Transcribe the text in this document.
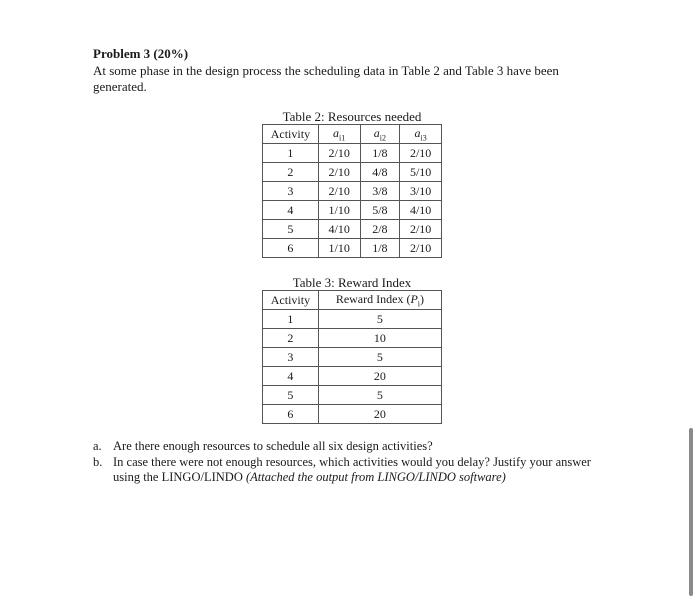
Problem 3 (20%)
At some phase in the design process the scheduling data in Table 2 and Table 3 have been generated.
Table 2: Resources needed
Activity	$a_{i1}$	$a_{i2}$	$a_{i3}$
1	2/10	1/8	2/10
2	2/10	4/8	5/10
3	2/10	3/8	3/10
4	1/10	5/8	4/10
5	4/10	2/8	2/10
6	1/10	1/8	2/10
Table 3: Reward Index
Activity	Reward Index $(P_i)$
1	5
2	10
3	5
4	20
5	5
6	20
a. Are there enough resources to schedule all six design activities?
b. In case there were not enough resources, which activities would you delay? Justify your answer using the LINGO/LINDO (Attached the output from LINGO/LINDO software)
